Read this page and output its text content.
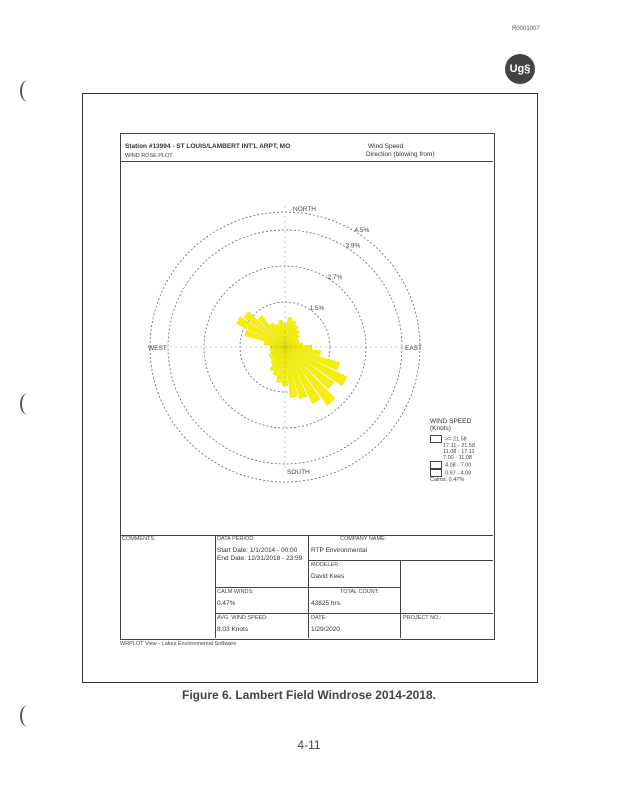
R0001007
Ug§
Station #13994 - ST LOUIS/LAMBERT INT'L ARPT, MO
WIND ROSE PLOT
Wind Speed
Direction (blowing from)
NORTH
SOUTH
EAST
WEST
1.5%
2.7%
3.9%
4.5%
WIND SPEED
(Knots)
>= 21.58
17.11 - 21.58
11.08 - 17.11
7.00 - 11.08
4.08 - 7.00
0.97 - 4.08
Calms: 0.47%
COMMENTS:	DATA PERIOD:
Start Date: 1/1/2014 - 00:00
End Date: 12/31/2018 - 23:59
COMPANY NAME:
RTP Environmental
MODELER:
David Kees
CALM WINDS:
0.47%
TOTAL COUNT:
43825 hrs.
AVG. WIND SPEED:
8.03 Knots
DATE:
1/29/2020
PROJECT NO.:
WRPLOT View - Lakes Environmental Software
Figure 6. Lambert Field Windrose 2014-2018.
4-11
